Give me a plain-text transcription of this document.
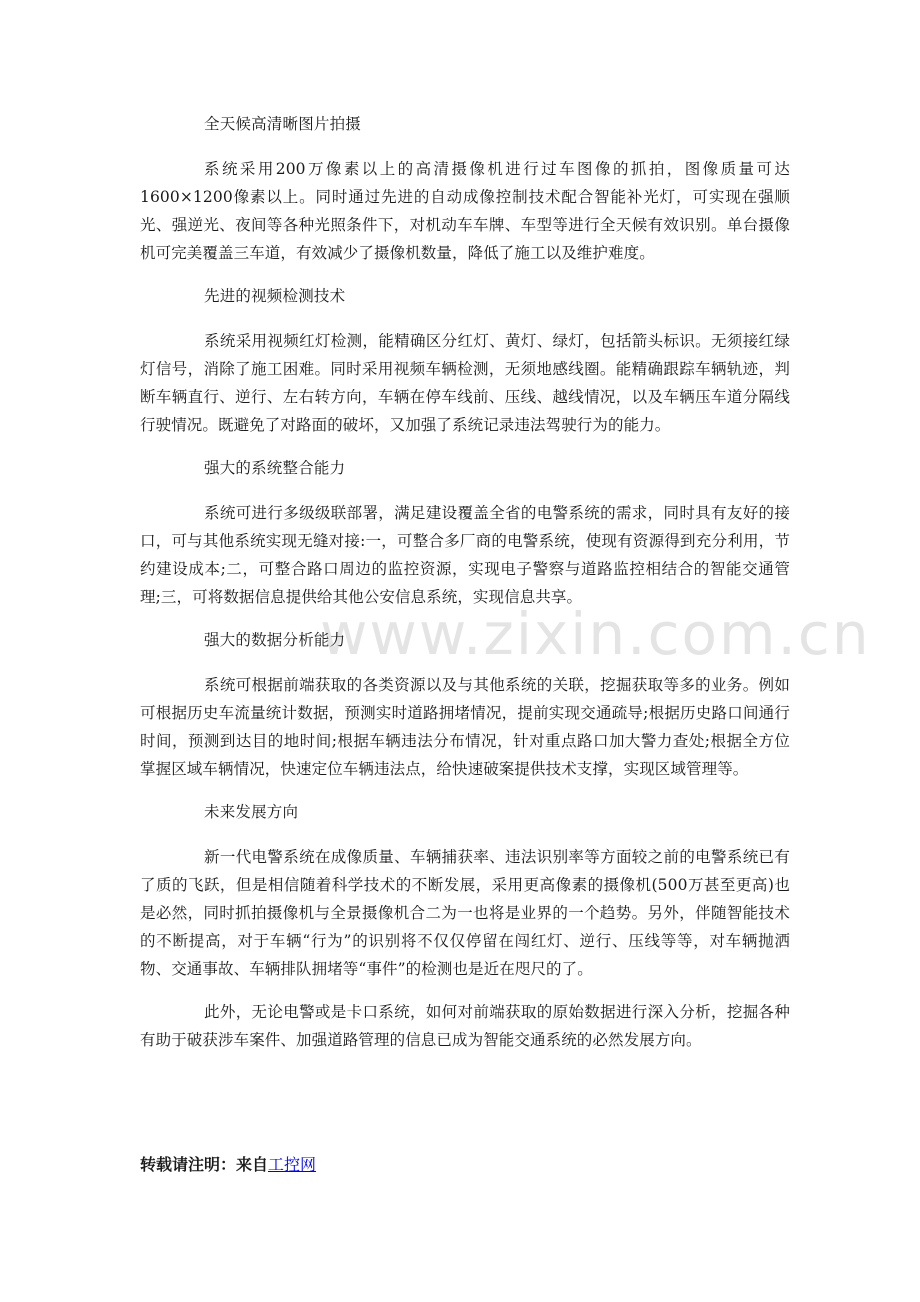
www.zixin.com.cn

全天候高清晰图片拍摄

系统采用200万像素以上的高清摄像机进行过车图像的抓拍，图像质量可达1600×1200像素以上。同时通过先进的自动成像控制技术配合智能补光灯，可实现在强顺光、强逆光、夜间等各种光照条件下，对机动车车牌、车型等进行全天候有效识别。单台摄像机可完美覆盖三车道，有效减少了摄像机数量，降低了施工以及维护难度。

先进的视频检测技术

系统采用视频红灯检测，能精确区分红灯、黄灯、绿灯，包括箭头标识。无须接红绿灯信号，消除了施工困难。同时采用视频车辆检测，无须地感线圈。能精确跟踪车辆轨迹，判断车辆直行、逆行、左右转方向，车辆在停车线前、压线、越线情况，以及车辆压车道分隔线行驶情况。既避免了对路面的破坏，又加强了系统记录违法驾驶行为的能力。

强大的系统整合能力

系统可进行多级级联部署，满足建设覆盖全省的电警系统的需求，同时具有友好的接口，可与其他系统实现无缝对接:一，可整合多厂商的电警系统，使现有资源得到充分利用，节约建设成本;二，可整合路口周边的监控资源，实现电子警察与道路监控相结合的智能交通管理;三，可将数据信息提供给其他公安信息系统，实现信息共享。

强大的数据分析能力

系统可根据前端获取的各类资源以及与其他系统的关联，挖掘获取等多的业务。例如可根据历史车流量统计数据，预测实时道路拥堵情况，提前实现交通疏导;根据历史路口间通行时间，预测到达目的地时间;根据车辆违法分布情况，针对重点路口加大警力查处;根据全方位掌握区域车辆情况，快速定位车辆违法点，给快速破案提供技术支撑，实现区域管理等。

未来发展方向

新一代电警系统在成像质量、车辆捕获率、违法识别率等方面较之前的电警系统已有了质的飞跃，但是相信随着科学技术的不断发展，采用更高像素的摄像机(500万甚至更高)也是必然，同时抓拍摄像机与全景摄像机合二为一也将是业界的一个趋势。另外，伴随智能技术的不断提高，对于车辆“行为”的识别将不仅仅停留在闯红灯、逆行、压线等等，对车辆抛洒物、交通事故、车辆排队拥堵等“事件”的检测也是近在咫尺的了。

此外，无论电警或是卡口系统，如何对前端获取的原始数据进行深入分析，挖掘各种有助于破获涉车案件、加强道路管理的信息已成为智能交通系统的必然发展方向。

转载请注明：来自工控网
